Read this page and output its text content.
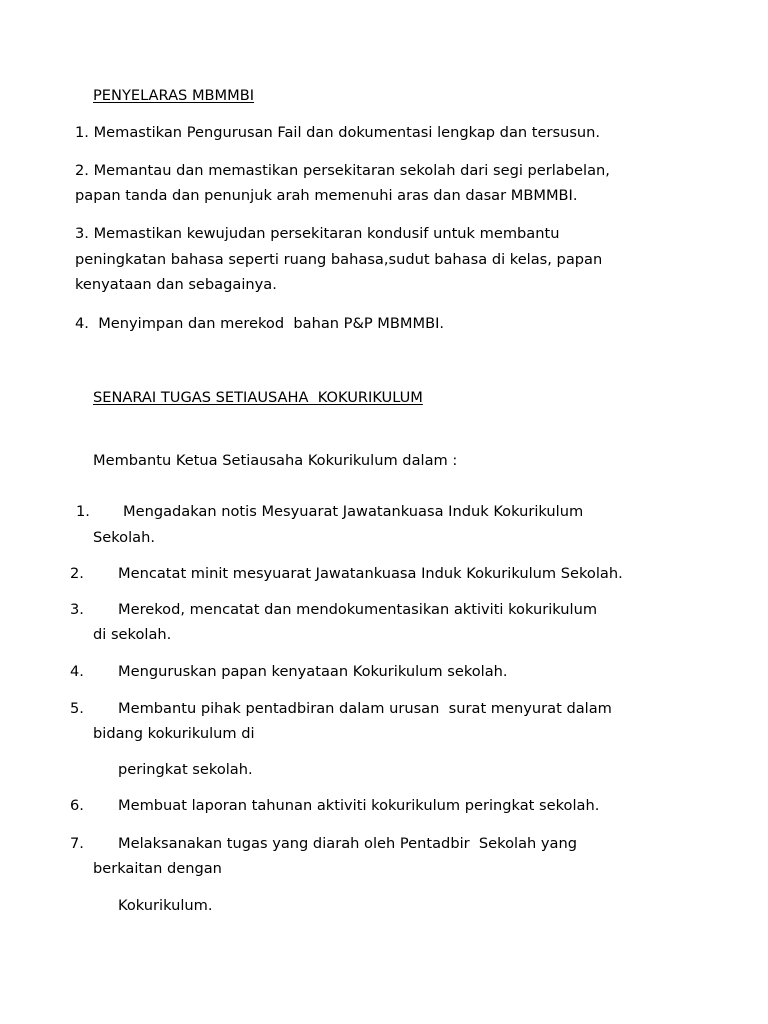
PENYELARAS MBMMBI
1. Memastikan Pengurusan Fail dan dokumentasi lengkap dan tersusun.
2. Memantau dan memastikan persekitaran sekolah dari segi perlabelan,
papan tanda dan penunjuk arah memenuhi aras dan dasar MBMMBI.
3. Memastikan kewujudan persekitaran kondusif untuk membantu
peningkatan bahasa seperti ruang bahasa,sudut bahasa di kelas, papan
kenyataan dan sebagainya.
4.  Menyimpan dan merekod  bahan P&P MBMMBI.
SENARAI TUGAS SETIAUSAHA  KOKURIKULUM
Membantu Ketua Setiausaha Kokurikulum dalam :
1. Mengadakan notis Mesyuarat Jawatankuasa Induk Kokurikulum
Sekolah.
2. Mencatat minit mesyuarat Jawatankuasa Induk Kokurikulum Sekolah.
3. Merekod, mencatat dan mendokumentasikan aktiviti kokurikulum
di sekolah.
4. Menguruskan papan kenyataan Kokurikulum sekolah.
5. Membantu pihak pentadbiran dalam urusan  surat menyurat dalam
bidang kokurikulum di
peringkat sekolah.
6. Membuat laporan tahunan aktiviti kokurikulum peringkat sekolah.
7. Melaksanakan tugas yang diarah oleh Pentadbir  Sekolah yang
berkaitan dengan
Kokurikulum.
